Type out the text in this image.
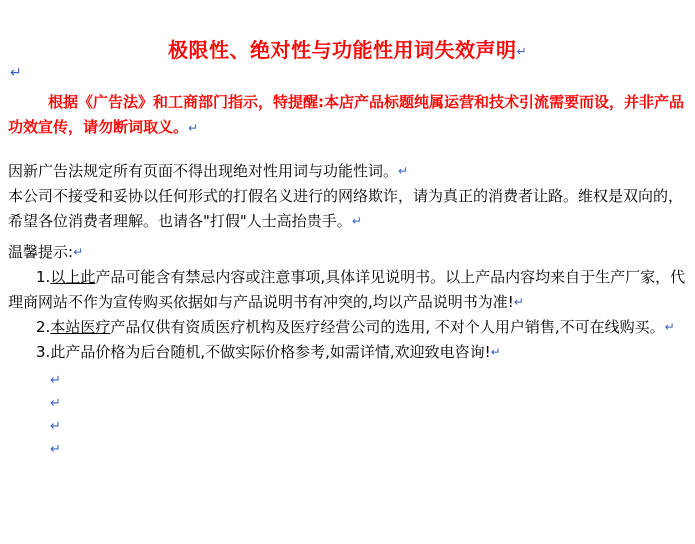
极限性、绝对性与功能性用词失效声明↵
↵
根据《广告法》和工商部门指示，特提醒:本店产品标题纯属运营和技术引流需要而设，并非产品功效宣传，请勿断词取义。↵
因新广告法规定所有页面不得出现绝对性用词与功能性词。↵
本公司不接受和妥协以任何形式的打假名义进行的网络欺诈，请为真正的消费者让路。维权是双向的，希望各位消费者理解。也请各"打假"人士高抬贵手。↵
温馨提示:↵
1.以上此产品可能含有禁忌内容或注意事项,具体详见说明书。以上产品内容均来自于生产厂家，代理商网站不作为宣传购买依据如与产品说明书有冲突的,均以产品说明书为准!↵
2.本站医疗产品仅供有资质医疗机构及医疗经营公司的选用, 不对个人用户销售,不可在线购买。↵
3.此产品价格为后台随机,不做实际价格参考,如需详情,欢迎致电咨询!↵
↵
↵
↵
↵
